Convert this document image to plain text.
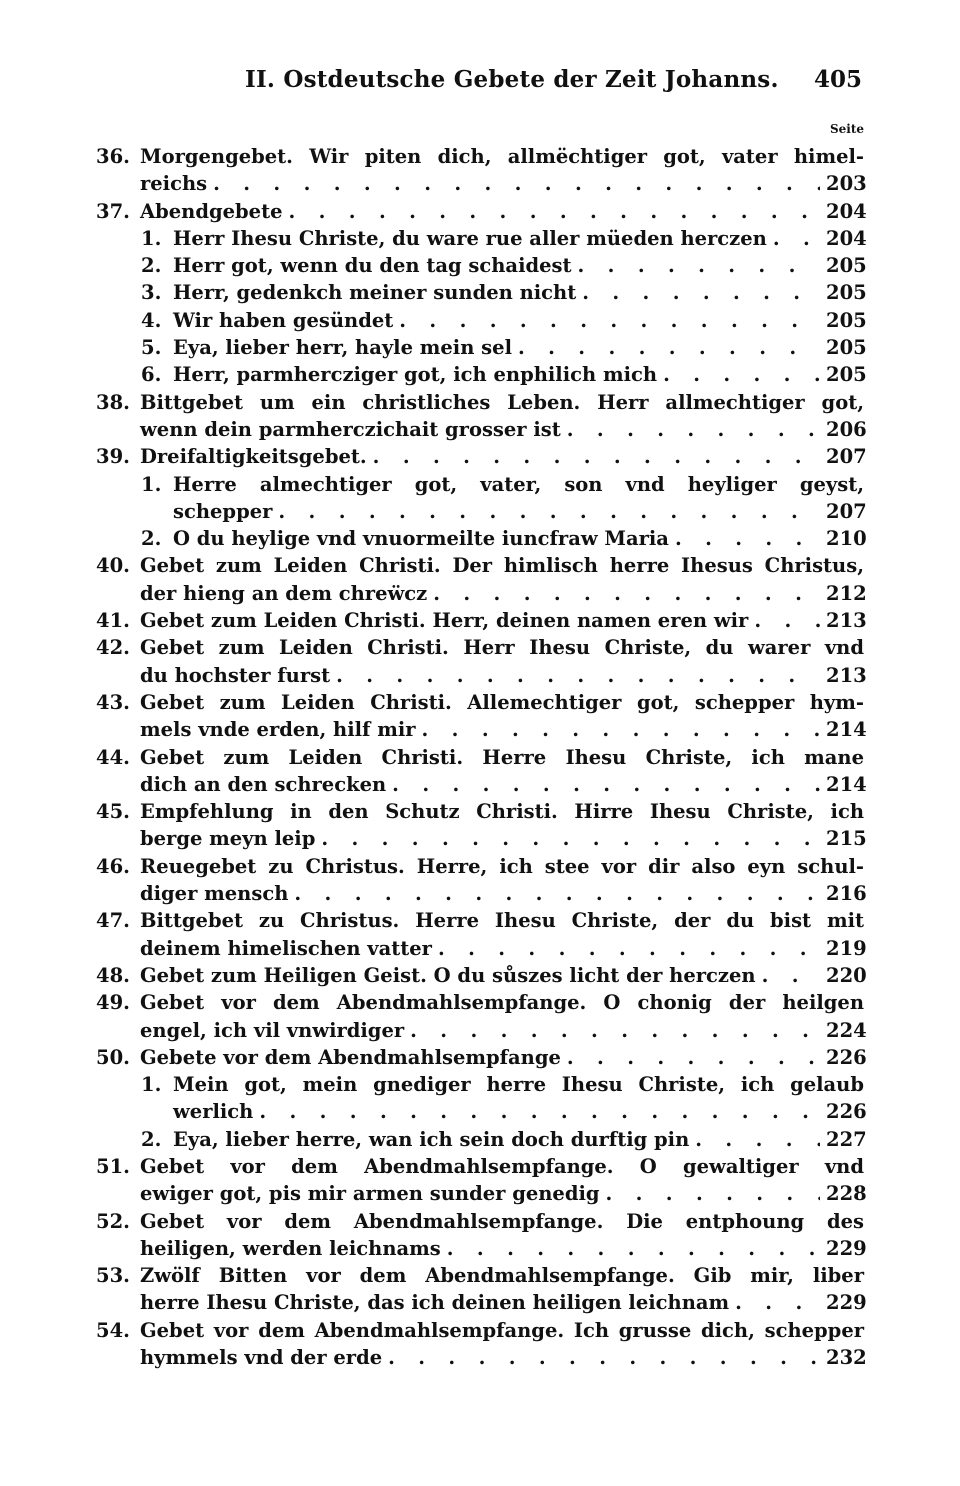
II. Ostdeutsche Gebete der Zeit Johanns. 405
Seite
36. Morgengebet. Wir piten dich, allmëchtiger got, vater himel-
reichs . . .	203
37. Abendgebete . . .	204
1. Herr Ihesu Christe, du ware rue aller müeden herczen . . .	204
2. Herr got, wenn du den tag schaidest . . .	205
3. Herr, gedenkch meiner sunden nicht . . .	205
4. Wir haben gesündet . . .	205
5. Eya, lieber herr, hayle mein sel . . .	205
6. Herr, parmhercziger got, ich enphilich mich . . .	205
38. Bittgebet um ein christliches Leben. Herr allmechtiger got,
wenn dein parmherczichait grosser ist . . .	206
39. Dreifaltigkeitsgebet. . . .	207
1. Herre almechtiger got, vater, son vnd heyliger geyst,
schepper . . .	207
2. O du heylige vnd vnuormeilte iuncfraw Maria . . .	210
40. Gebet zum Leiden Christi. Der himlisch herre Ihesus Christus,
der hieng an dem chreẅcz . . .	212
41. Gebet zum Leiden Christi. Herr, deinen namen eren wir . . .	213
42. Gebet zum Leiden Christi. Herr Ihesu Christe, du warer vnd
du hochster furst . . .	213
43. Gebet zum Leiden Christi. Allemechtiger got, schepper hym-
mels vnde erden, hilf mir . . .	214
44. Gebet zum Leiden Christi. Herre Ihesu Christe, ich mane
dich an den schrecken . . .	214
45. Empfehlung in den Schutz Christi. Hirre Ihesu Christe, ich
berge meyn leip . . .	215
46. Reuegebet zu Christus. Herre, ich stee vor dir also eyn schul-
diger mensch . . .	216
47. Bittgebet zu Christus. Herre Ihesu Christe, der du bist mit
deinem himelischen vatter . . .	219
48. Gebet zum Heiligen Geist. O du sůszes licht der herczen . . .	220
49. Gebet vor dem Abendmahlsempfange. O chonig der heilgen
engel, ich vil vnwirdiger . . .	224
50. Gebete vor dem Abendmahlsempfange . . .	226
1. Mein got, mein gnediger herre Ihesu Christe, ich gelaub
werlich . . .	226
2. Eya, lieber herre, wan ich sein doch durftig pin . . .	227
51. Gebet vor dem Abendmahlsempfange. O gewaltiger vnd
ewiger got, pis mir armen sunder genedig . . .	228
52. Gebet vor dem Abendmahlsempfange. Die entphoung des
heiligen, werden leichnams . . .	229
53. Zwölf Bitten vor dem Abendmahlsempfange. Gib mir, liber
herre Ihesu Christe, das ich deinen heiligen leichnam . . .	229
54. Gebet vor dem Abendmahlsempfange. Ich grusse dich, schepper
hymmels vnd der erde . . .	232
